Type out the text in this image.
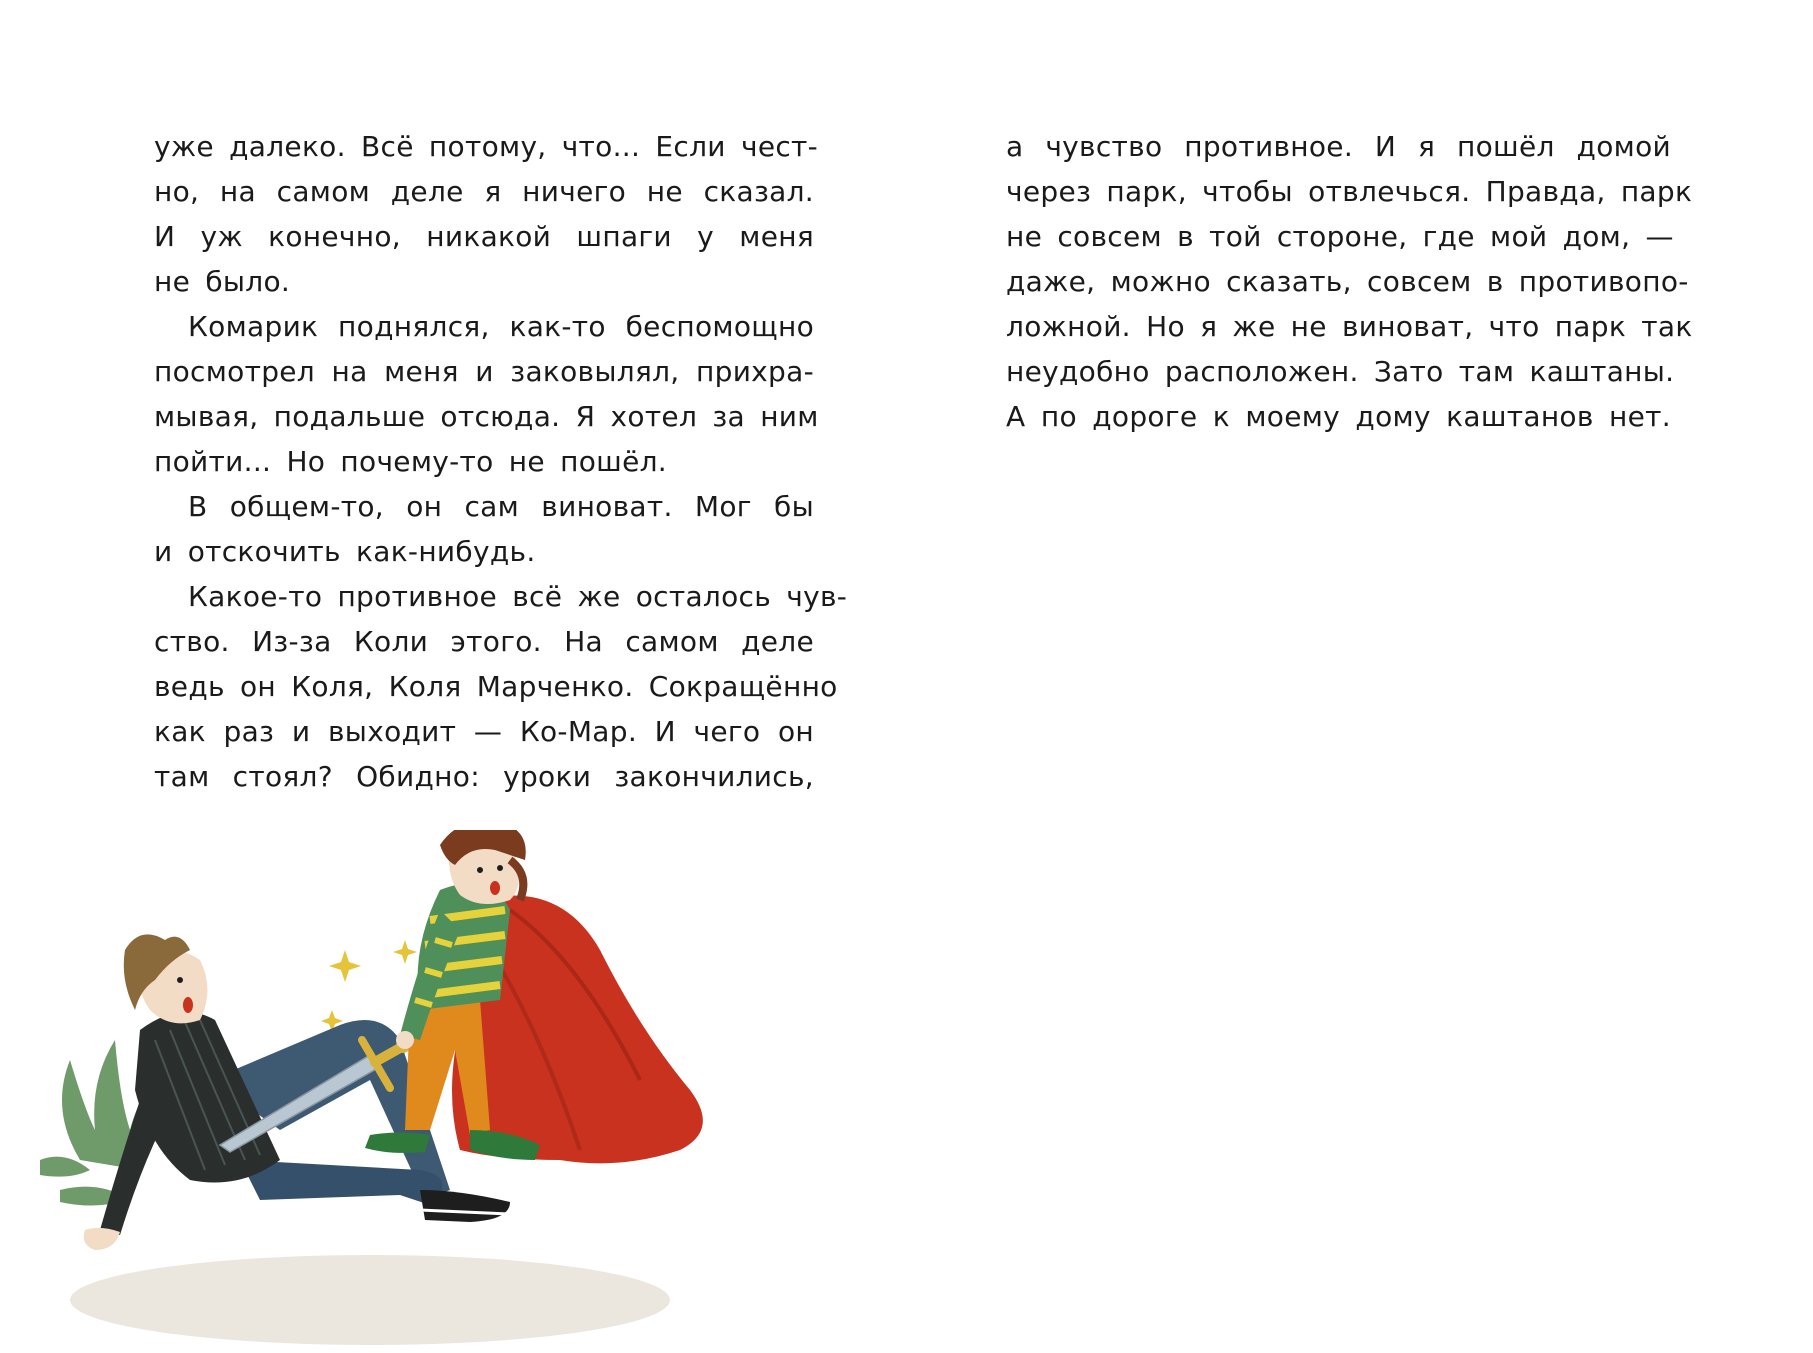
уже далеко. Всё потому, что... Если чест-
но, на самом деле я ничего не сказал.
И уж конечно, никакой шпаги у меня
не было.
Комарик поднялся, как-то беспомощно
посмотрел на меня и заковылял, прихра-
мывая, подальше отсюда. Я хотел за ним
пойти... Но почему-то не пошёл.
В общем-то, он сам виноват. Мог бы
и отскочить как-нибудь.
Какое-то противное всё же осталось чув-
ство. Из-за Коли этого. На самом деле
ведь он Коля, Коля Марченко. Сокращённо
как раз и выходит — Ко-Мар. И чего он
там стоял? Обидно: уроки закончились,
а чувство противное. И я пошёл домой
через парк, чтобы отвлечься. Правда, парк
не совсем в той стороне, где мой дом, —
даже, можно сказать, совсем в противопо-
ложной. Но я же не виноват, что парк так
неудобно расположен. Зато там каштаны.
А по дороге к моему дому каштанов нет.
